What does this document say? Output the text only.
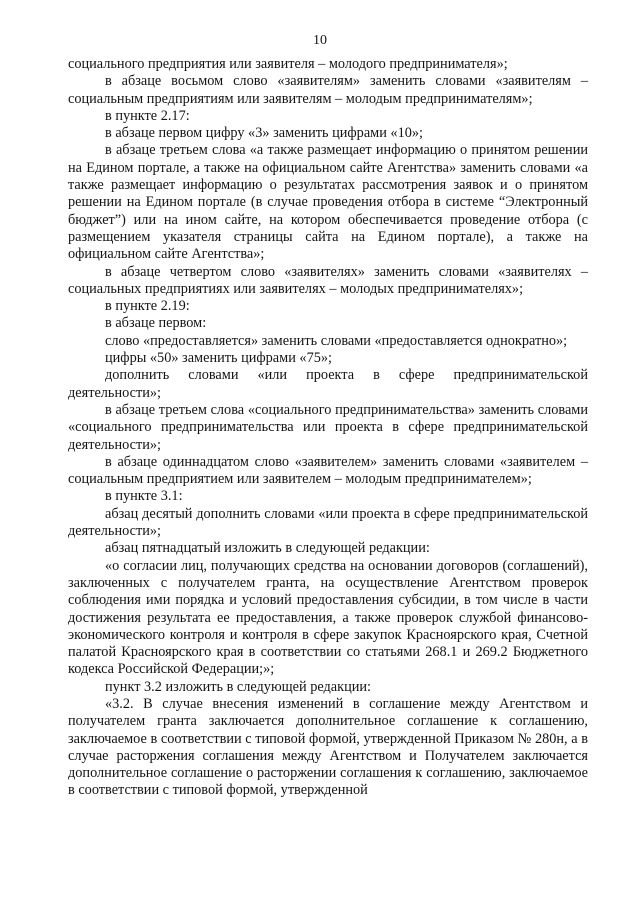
10

социального предприятия или заявителя – молодого предпринимателя»;

в абзаце восьмом слово «заявителям» заменить словами «заявителям – социальным предприятиям или заявителям – молодым предпринимателям»;

в пункте 2.17:

в абзаце первом цифру «3» заменить цифрами «10»;

в абзаце третьем слова «а также размещает информацию о принятом решении на Едином портале, а также на официальном сайте Агентства» заменить словами «а также размещает информацию о результатах рассмотрения заявок и о принятом решении на Едином портале (в случае проведения отбора в системе “Электронный бюджет”) или на ином сайте, на котором обеспечивается проведение отбора (с размещением указателя страницы сайта на Едином портале), а также на официальном сайте Агентства»;

в абзаце четвертом слово «заявителях» заменить словами «заявителях – социальных предприятиях или заявителях – молодых предпринимателях»;

в пункте 2.19:

в абзаце первом:

слово «предоставляется» заменить словами «предоставляется однократно»;

цифры «50» заменить цифрами «75»;

дополнить словами «или проекта в сфере предпринимательской деятельности»;

в абзаце третьем слова «социального предпринимательства» заменить словами «социального предпринимательства или проекта в сфере предпринимательской деятельности»;

в абзаце одиннадцатом слово «заявителем» заменить словами «заявителем – социальным предприятием или заявителем – молодым предпринимателем»;

в пункте 3.1:

абзац десятый дополнить словами «или проекта в сфере предпринимательской деятельности»;

абзац пятнадцатый изложить в следующей редакции:

«о согласии лиц, получающих средства на основании договоров (соглашений), заключенных с получателем гранта, на осуществление Агентством проверок соблюдения ими порядка и условий предоставления субсидии, в том числе в части достижения результата ее предоставления, а также проверок службой финансово-экономического контроля и контроля в сфере закупок Красноярского края, Счетной палатой Красноярского края в соответствии со статьями 268.1 и 269.2 Бюджетного кодекса Российской Федерации;»;

пункт 3.2 изложить в следующей редакции:

«3.2. В случае внесения изменений в соглашение между Агентством и получателем гранта заключается дополнительное соглашение к соглашению, заключаемое в соответствии с типовой формой, утвержденной Приказом № 280н, а в случае расторжения соглашения между Агентством и Получателем заключается дополнительное соглашение о расторжении соглашения к соглашению, заключаемое в соответствии с типовой формой, утвержденной
